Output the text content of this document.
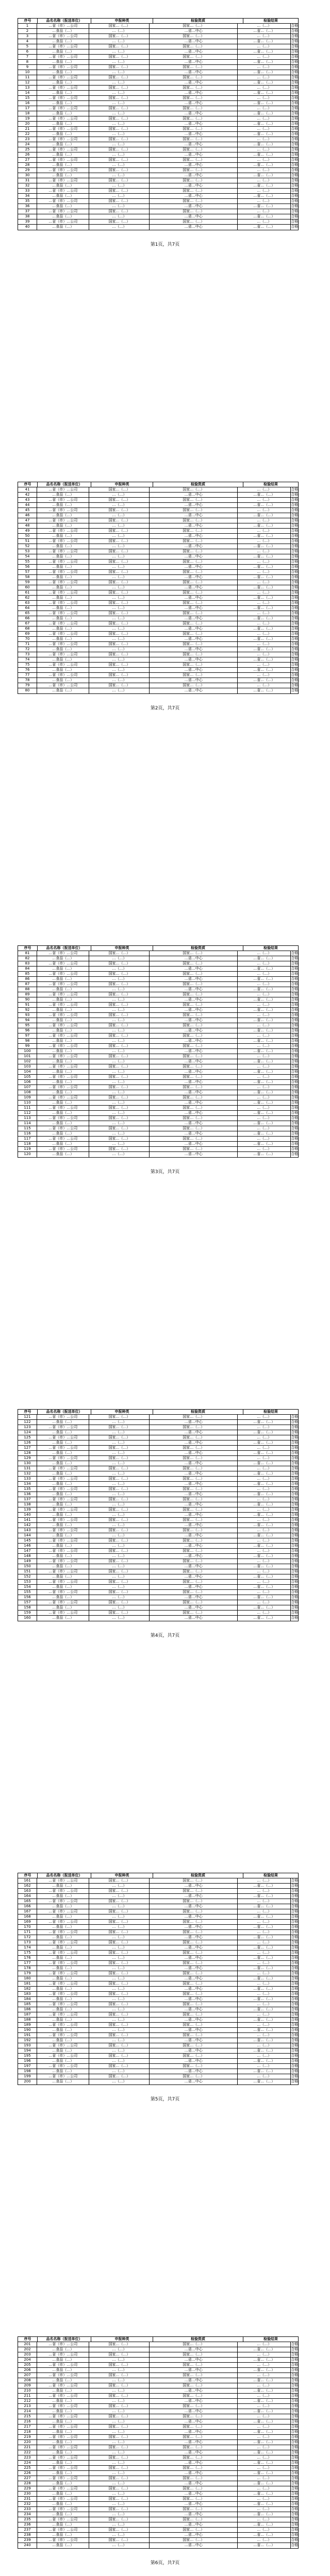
序号	品名名称（报送单位）	申报种类	检验资质	检验结果
1	…省（市）…公司	国家…（…）	国家…（…）	…（…）	合格
2	…食品（…）	…（…）	…省…中心	…省…（…）	合格
3	…省（市）…公司	国家…（…）	国家…（…）	…（…）	合格
4	…食品（…）	…（…）	…省…中心	…省…（…）	合格
5	…省（市）…公司	国家…（…）	国家…（…）	…（…）	合格
6	…食品（…）	…（…）	…省…中心	…省…（…）	合格
7	…省（市）…公司	国家…（…）	国家…（…）	…（…）	合格
8	…食品（…）	…（…）	…省…中心	…省…（…）	合格
9	…省（市）…公司	国家…（…）	国家…（…）	…（…）	合格
10	…食品（…）	…（…）	…省…中心	…省…（…）	合格
11	…省（市）…公司	国家…（…）	国家…（…）	…（…）	合格
12	…食品（…）	…（…）	…省…中心	…省…（…）	合格
13	…省（市）…公司	国家…（…）	国家…（…）	…（…）	合格
14	…食品（…）	…（…）	…省…中心	…省…（…）	合格
15	…省（市）…公司	国家…（…）	国家…（…）	…（…）	合格
16	…食品（…）	…（…）	…省…中心	…省…（…）	合格
17	…省（市）…公司	国家…（…）	国家…（…）	…（…）	合格
18	…食品（…）	…（…）	…省…中心	…省…（…）	合格
19	…省（市）…公司	国家…（…）	国家…（…）	…（…）	合格
20	…食品（…）	…（…）	…省…中心	…省…（…）	合格
21	…省（市）…公司	国家…（…）	国家…（…）	…（…）	合格
22	…食品（…）	…（…）	…省…中心	…省…（…）	合格
23	…省（市）…公司	国家…（…）	国家…（…）	…（…）	合格
24	…食品（…）	…（…）	…省…中心	…省…（…）	合格
25	…省（市）…公司	国家…（…）	国家…（…）	…（…）	合格
26	…食品（…）	…（…）	…省…中心	…省…（…）	合格
27	…省（市）…公司	国家…（…）	国家…（…）	…（…）	合格
28	…食品（…）	…（…）	…省…中心	…省…（…）	合格
29	…省（市）…公司	国家…（…）	国家…（…）	…（…）	合格
30	…食品（…）	…（…）	…省…中心	…省…（…）	合格
31	…省（市）…公司	国家…（…）	国家…（…）	…（…）	合格
32	…食品（…）	…（…）	…省…中心	…省…（…）	合格
33	…省（市）…公司	国家…（…）	国家…（…）	…（…）	合格
34	…食品（…）	…（…）	…省…中心	…省…（…）	合格
35	…省（市）…公司	国家…（…）	国家…（…）	…（…）	合格
36	…食品（…）	…（…）	…省…中心	…省…（…）	合格
37	…省（市）…公司	国家…（…）	国家…（…）	…（…）	合格
38	…食品（…）	…（…）	…省…中心	…省…（…）	合格
39	…省（市）…公司	国家…（…）	国家…（…）	…（…）	合格
40	…食品（…）	…（…）	…省…中心	…省…（…）	合格
第1页，共7页
序号	品名名称（报送单位）	申报种类	检验资质	检验结果
41	…省（市）…公司	国家…（…）	国家…（…）	…（…）	合格
42	…食品（…）	…（…）	…省…中心	…省…（…）	合格
43	…省（市）…公司	国家…（…）	国家…（…）	…（…）	合格
44	…食品（…）	…（…）	…省…中心	…省…（…）	合格
45	…省（市）…公司	国家…（…）	国家…（…）	…（…）	合格
46	…食品（…）	…（…）	…省…中心	…省…（…）	合格
47	…省（市）…公司	国家…（…）	国家…（…）	…（…）	合格
48	…食品（…）	…（…）	…省…中心	…省…（…）	合格
49	…省（市）…公司	国家…（…）	国家…（…）	…（…）	合格
50	…食品（…）	…（…）	…省…中心	…省…（…）	合格
51	…省（市）…公司	国家…（…）	国家…（…）	…（…）	合格
52	…食品（…）	…（…）	…省…中心	…省…（…）	合格
53	…省（市）…公司	国家…（…）	国家…（…）	…（…）	合格
54	…食品（…）	…（…）	…省…中心	…省…（…）	合格
55	…省（市）…公司	国家…（…）	国家…（…）	…（…）	合格
56	…食品（…）	…（…）	…省…中心	…省…（…）	合格
57	…省（市）…公司	国家…（…）	国家…（…）	…（…）	合格
58	…食品（…）	…（…）	…省…中心	…省…（…）	合格
59	…省（市）…公司	国家…（…）	国家…（…）	…（…）	合格
60	…食品（…）	…（…）	…省…中心	…省…（…）	合格
61	…省（市）…公司	国家…（…）	国家…（…）	…（…）	合格
62	…食品（…）	…（…）	…省…中心	…省…（…）	合格
63	…省（市）…公司	国家…（…）	国家…（…）	…（…）	合格
64	…食品（…）	…（…）	…省…中心	…省…（…）	合格
65	…省（市）…公司	国家…（…）	国家…（…）	…（…）	合格
66	…食品（…）	…（…）	…省…中心	…省…（…）	合格
67	…省（市）…公司	国家…（…）	国家…（…）	…（…）	合格
68	…食品（…）	…（…）	…省…中心	…省…（…）	合格
69	…省（市）…公司	国家…（…）	国家…（…）	…（…）	合格
70	…食品（…）	…（…）	…省…中心	…省…（…）	合格
71	…省（市）…公司	国家…（…）	国家…（…）	…（…）	合格
72	…食品（…）	…（…）	…省…中心	…省…（…）	合格
73	…省（市）…公司	国家…（…）	国家…（…）	…（…）	合格
74	…食品（…）	…（…）	…省…中心	…省…（…）	合格
75	…省（市）…公司	国家…（…）	国家…（…）	…（…）	合格
76	…食品（…）	…（…）	…省…中心	…省…（…）	合格
77	…省（市）…公司	国家…（…）	国家…（…）	…（…）	合格
78	…食品（…）	…（…）	…省…中心	…省…（…）	合格
79	…省（市）…公司	国家…（…）	国家…（…）	…（…）	合格
80	…食品（…）	…（…）	…省…中心	…省…（…）	合格
第2页，共7页
序号	品名名称（报送单位）	申报种类	检验资质	检验结果
81	…省（市）…公司	国家…（…）	国家…（…）	…（…）	合格
82	…食品（…）	…（…）	…省…中心	…省…（…）	合格
83	…省（市）…公司	国家…（…）	国家…（…）	…（…）	合格
84	…食品（…）	…（…）	…省…中心	…省…（…）	合格
85	…省（市）…公司	国家…（…）	国家…（…）	…（…）	合格
86	…食品（…）	…（…）	…省…中心	…省…（…）	合格
87	…省（市）…公司	国家…（…）	国家…（…）	…（…）	合格
88	…食品（…）	…（…）	…省…中心	…省…（…）	合格
89	…省（市）…公司	国家…（…）	国家…（…）	…（…）	合格
90	…食品（…）	…（…）	…省…中心	…省…（…）	合格
91	…省（市）…公司	国家…（…）	国家…（…）	…（…）	合格
92	…食品（…）	…（…）	…省…中心	…省…（…）	合格
93	…省（市）…公司	国家…（…）	国家…（…）	…（…）	合格
94	…食品（…）	…（…）	…省…中心	…省…（…）	合格
95	…省（市）…公司	国家…（…）	国家…（…）	…（…）	合格
96	…食品（…）	…（…）	…省…中心	…省…（…）	合格
97	…省（市）…公司	国家…（…）	国家…（…）	…（…）	合格
98	…食品（…）	…（…）	…省…中心	…省…（…）	合格
99	…省（市）…公司	国家…（…）	国家…（…）	…（…）	合格
100	…食品（…）	…（…）	…省…中心	…省…（…）	合格
101	…省（市）…公司	国家…（…）	国家…（…）	…（…）	合格
102	…食品（…）	…（…）	…省…中心	…省…（…）	合格
103	…省（市）…公司	国家…（…）	国家…（…）	…（…）	合格
104	…食品（…）	…（…）	…省…中心	…省…（…）	合格
105	…省（市）…公司	国家…（…）	国家…（…）	…（…）	合格
106	…食品（…）	…（…）	…省…中心	…省…（…）	合格
107	…省（市）…公司	国家…（…）	国家…（…）	…（…）	合格
108	…食品（…）	…（…）	…省…中心	…省…（…）	合格
109	…省（市）…公司	国家…（…）	国家…（…）	…（…）	合格
110	…食品（…）	…（…）	…省…中心	…省…（…）	合格
111	…省（市）…公司	国家…（…）	国家…（…）	…（…）	合格
112	…食品（…）	…（…）	…省…中心	…省…（…）	合格
113	…省（市）…公司	国家…（…）	国家…（…）	…（…）	合格
114	…食品（…）	…（…）	…省…中心	…省…（…）	合格
115	…省（市）…公司	国家…（…）	国家…（…）	…（…）	合格
116	…食品（…）	…（…）	…省…中心	…省…（…）	合格
117	…省（市）…公司	国家…（…）	国家…（…）	…（…）	合格
118	…食品（…）	…（…）	…省…中心	…省…（…）	合格
119	…省（市）…公司	国家…（…）	国家…（…）	…（…）	合格
120	…食品（…）	…（…）	…省…中心	…省…（…）	合格
第3页，共7页
序号	品名名称（报送单位）	申报种类	检验资质	检验结果
121	…省（市）…公司	国家…（…）	国家…（…）	…（…）	合格
122	…食品（…）	…（…）	…省…中心	…省…（…）	合格
123	…省（市）…公司	国家…（…）	国家…（…）	…（…）	合格
124	…食品（…）	…（…）	…省…中心	…省…（…）	合格
125	…省（市）…公司	国家…（…）	国家…（…）	…（…）	合格
126	…食品（…）	…（…）	…省…中心	…省…（…）	合格
127	…省（市）…公司	国家…（…）	国家…（…）	…（…）	合格
128	…食品（…）	…（…）	…省…中心	…省…（…）	合格
129	…省（市）…公司	国家…（…）	国家…（…）	…（…）	合格
130	…食品（…）	…（…）	…省…中心	…省…（…）	合格
131	…省（市）…公司	国家…（…）	国家…（…）	…（…）	合格
132	…食品（…）	…（…）	…省…中心	…省…（…）	合格
133	…省（市）…公司	国家…（…）	国家…（…）	…（…）	合格
134	…食品（…）	…（…）	…省…中心	…省…（…）	合格
135	…省（市）…公司	国家…（…）	国家…（…）	…（…）	合格
136	…食品（…）	…（…）	…省…中心	…省…（…）	合格
137	…省（市）…公司	国家…（…）	国家…（…）	…（…）	合格
138	…食品（…）	…（…）	…省…中心	…省…（…）	合格
139	…省（市）…公司	国家…（…）	国家…（…）	…（…）	合格
140	…食品（…）	…（…）	…省…中心	…省…（…）	合格
141	…省（市）…公司	国家…（…）	国家…（…）	…（…）	合格
142	…食品（…）	…（…）	…省…中心	…省…（…）	合格
143	…省（市）…公司	国家…（…）	国家…（…）	…（…）	合格
144	…食品（…）	…（…）	…省…中心	…省…（…）	合格
145	…省（市）…公司	国家…（…）	国家…（…）	…（…）	合格
146	…食品（…）	…（…）	…省…中心	…省…（…）	合格
147	…省（市）…公司	国家…（…）	国家…（…）	…（…）	合格
148	…食品（…）	…（…）	…省…中心	…省…（…）	合格
149	…省（市）…公司	国家…（…）	国家…（…）	…（…）	合格
150	…食品（…）	…（…）	…省…中心	…省…（…）	合格
151	…省（市）…公司	国家…（…）	国家…（…）	…（…）	合格
152	…食品（…）	…（…）	…省…中心	…省…（…）	合格
153	…省（市）…公司	国家…（…）	国家…（…）	…（…）	合格
154	…食品（…）	…（…）	…省…中心	…省…（…）	合格
155	…省（市）…公司	国家…（…）	国家…（…）	…（…）	合格
156	…食品（…）	…（…）	…省…中心	…省…（…）	合格
157	…省（市）…公司	国家…（…）	国家…（…）	…（…）	合格
158	…食品（…）	…（…）	…省…中心	…省…（…）	合格
159	…省（市）…公司	国家…（…）	国家…（…）	…（…）	合格
160	…食品（…）	…（…）	…省…中心	…省…（…）	合格
第4页，共7页
序号	品名名称（报送单位）	申报种类	检验资质	检验结果
161	…省（市）…公司	国家…（…）	国家…（…）	…（…）	合格
162	…食品（…）	…（…）	…省…中心	…省…（…）	合格
163	…省（市）…公司	国家…（…）	国家…（…）	…（…）	合格
164	…食品（…）	…（…）	…省…中心	…省…（…）	合格
165	…省（市）…公司	国家…（…）	国家…（…）	…（…）	合格
166	…食品（…）	…（…）	…省…中心	…省…（…）	合格
167	…省（市）…公司	国家…（…）	国家…（…）	…（…）	合格
168	…食品（…）	…（…）	…省…中心	…省…（…）	合格
169	…省（市）…公司	国家…（…）	国家…（…）	…（…）	合格
170	…食品（…）	…（…）	…省…中心	…省…（…）	合格
171	…省（市）…公司	国家…（…）	国家…（…）	…（…）	合格
172	…食品（…）	…（…）	…省…中心	…省…（…）	合格
173	…省（市）…公司	国家…（…）	国家…（…）	…（…）	合格
174	…食品（…）	…（…）	…省…中心	…省…（…）	合格
175	…省（市）…公司	国家…（…）	国家…（…）	…（…）	合格
176	…食品（…）	…（…）	…省…中心	…省…（…）	合格
177	…省（市）…公司	国家…（…）	国家…（…）	…（…）	合格
178	…食品（…）	…（…）	…省…中心	…省…（…）	合格
179	…省（市）…公司	国家…（…）	国家…（…）	…（…）	合格
180	…食品（…）	…（…）	…省…中心	…省…（…）	合格
181	…省（市）…公司	国家…（…）	国家…（…）	…（…）	合格
182	…食品（…）	…（…）	…省…中心	…省…（…）	合格
183	…省（市）…公司	国家…（…）	国家…（…）	…（…）	合格
184	…食品（…）	…（…）	…省…中心	…省…（…）	合格
185	…省（市）…公司	国家…（…）	国家…（…）	…（…）	合格
186	…食品（…）	…（…）	…省…中心	…省…（…）	合格
187	…省（市）…公司	国家…（…）	国家…（…）	…（…）	合格
188	…食品（…）	…（…）	…省…中心	…省…（…）	合格
189	…省（市）…公司	国家…（…）	国家…（…）	…（…）	合格
190	…食品（…）	…（…）	…省…中心	…省…（…）	合格
191	…省（市）…公司	国家…（…）	国家…（…）	…（…）	合格
192	…食品（…）	…（…）	…省…中心	…省…（…）	合格
193	…省（市）…公司	国家…（…）	国家…（…）	…（…）	合格
194	…食品（…）	…（…）	…省…中心	…省…（…）	合格
195	…省（市）…公司	国家…（…）	国家…（…）	…（…）	合格
196	…食品（…）	…（…）	…省…中心	…省…（…）	合格
197	…省（市）…公司	国家…（…）	国家…（…）	…（…）	合格
198	…食品（…）	…（…）	…省…中心	…省…（…）	合格
199	…省（市）…公司	国家…（…）	国家…（…）	…（…）	合格
200	…食品（…）	…（…）	…省…中心	…省…（…）	合格
第5页，共7页
序号	品名名称（报送单位）	申报种类	检验资质	检验结果
201	…省（市）…公司	国家…（…）	国家…（…）	…（…）	合格
202	…食品（…）	…（…）	…省…中心	…省…（…）	合格
203	…省（市）…公司	国家…（…）	国家…（…）	…（…）	合格
204	…食品（…）	…（…）	…省…中心	…省…（…）	合格
205	…省（市）…公司	国家…（…）	国家…（…）	…（…）	合格
206	…食品（…）	…（…）	…省…中心	…省…（…）	合格
207	…省（市）…公司	国家…（…）	国家…（…）	…（…）	合格
208	…食品（…）	…（…）	…省…中心	…省…（…）	合格
209	…省（市）…公司	国家…（…）	国家…（…）	…（…）	合格
210	…食品（…）	…（…）	…省…中心	…省…（…）	合格
211	…省（市）…公司	国家…（…）	国家…（…）	…（…）	合格
212	…食品（…）	…（…）	…省…中心	…省…（…）	合格
213	…省（市）…公司	国家…（…）	国家…（…）	…（…）	合格
214	…食品（…）	…（…）	…省…中心	…省…（…）	合格
215	…省（市）…公司	国家…（…）	国家…（…）	…（…）	合格
216	…食品（…）	…（…）	…省…中心	…省…（…）	合格
217	…省（市）…公司	国家…（…）	国家…（…）	…（…）	合格
218	…食品（…）	…（…）	…省…中心	…省…（…）	合格
219	…省（市）…公司	国家…（…）	国家…（…）	…（…）	合格
220	…食品（…）	…（…）	…省…中心	…省…（…）	合格
221	…省（市）…公司	国家…（…）	国家…（…）	…（…）	合格
222	…食品（…）	…（…）	…省…中心	…省…（…）	合格
223	…省（市）…公司	国家…（…）	国家…（…）	…（…）	合格
224	…食品（…）	…（…）	…省…中心	…省…（…）	合格
225	…省（市）…公司	国家…（…）	国家…（…）	…（…）	合格
226	…食品（…）	…（…）	…省…中心	…省…（…）	合格
227	…省（市）…公司	国家…（…）	国家…（…）	…（…）	合格
228	…食品（…）	…（…）	…省…中心	…省…（…）	合格
229	…省（市）…公司	国家…（…）	国家…（…）	…（…）	合格
230	…食品（…）	…（…）	…省…中心	…省…（…）	合格
231	…省（市）…公司	国家…（…）	国家…（…）	…（…）	合格
232	…食品（…）	…（…）	…省…中心	…省…（…）	合格
233	…省（市）…公司	国家…（…）	国家…（…）	…（…）	合格
234	…食品（…）	…（…）	…省…中心	…省…（…）	合格
235	…省（市）…公司	国家…（…）	国家…（…）	…（…）	合格
236	…食品（…）	…（…）	…省…中心	…省…（…）	合格
237	…省（市）…公司	国家…（…）	国家…（…）	…（…）	合格
238	…食品（…）	…（…）	…省…中心	…省…（…）	合格
239	…省（市）…公司	国家…（…）	国家…（…）	…（…）	合格
240	…食品（…）	…（…）	…省…中心	…省…（…）	合格
第6页，共7页
